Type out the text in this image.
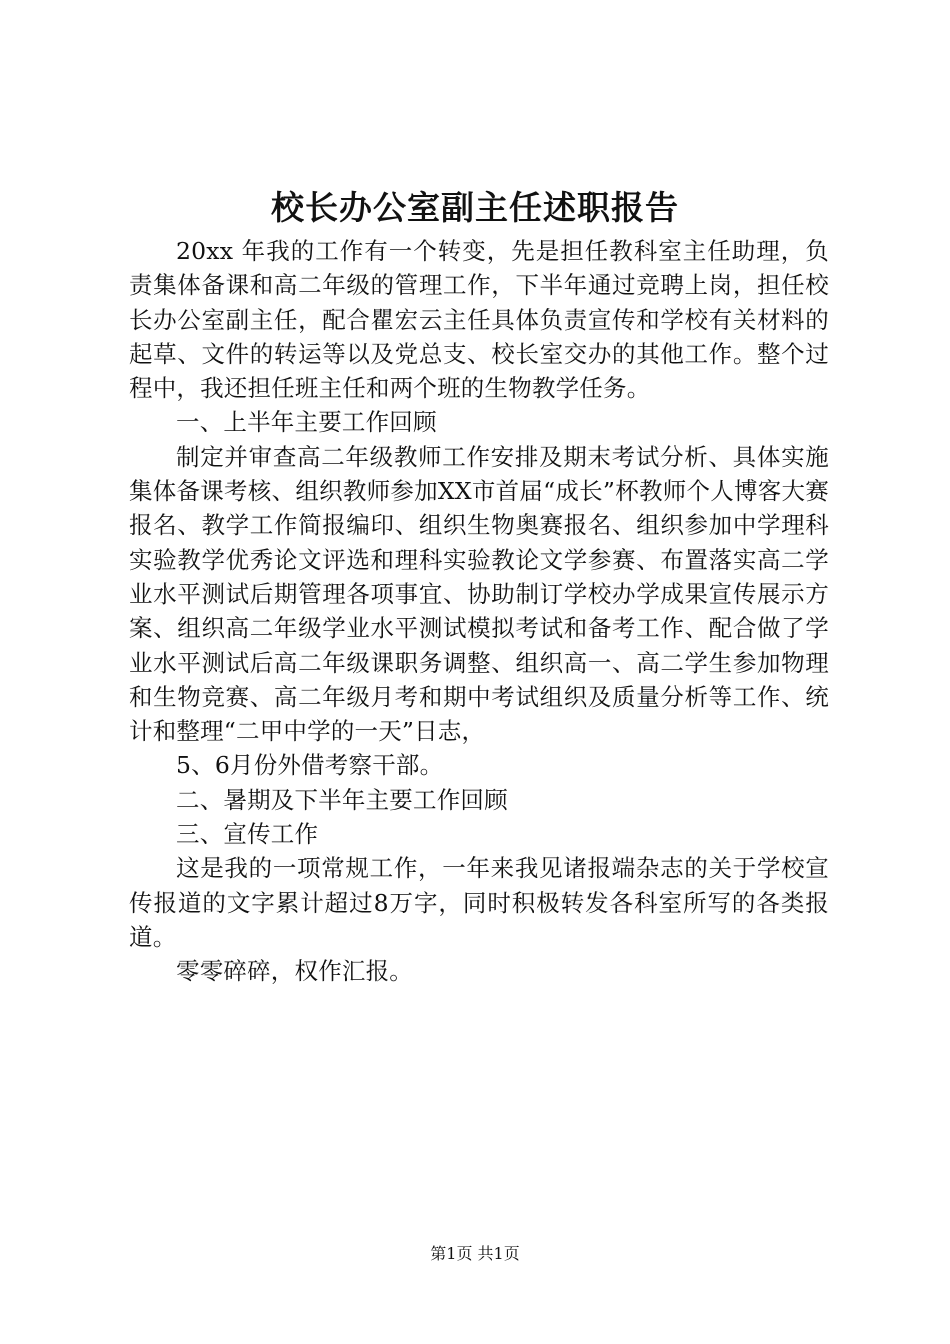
校长办公室副主任述职报告

20xx 年我的工作有一个转变，先是担任教科室主任助理，负责集体备课和高二年级的管理工作，下半年通过竞聘上岗，担任校长办公室副主任，配合瞿宏云主任具体负责宣传和学校有关材料的起草、文件的转运等以及党总支、校长室交办的其他工作。整个过程中，我还担任班主任和两个班的生物教学任务。

一、上半年主要工作回顾

制定并审查高二年级教师工作安排及期末考试分析、具体实施集体备课考核、组织教师参加XX市首届“成长”杯教师个人博客大赛报名、教学工作简报编印、组织生物奥赛报名、组织参加中学理科实验教学优秀论文评选和理科实验教论文学参赛、布置落实高二学业水平测试后期管理各项事宜、协助制订学校办学成果宣传展示方案、组织高二年级学业水平测试模拟考试和备考工作、配合做了学业水平测试后高二年级课职务调整、组织高一、高二学生参加物理和生物竞赛、高二年级月考和期中考试组织及质量分析等工作、统计和整理“二甲中学的一天”日志，

5、6月份外借考察干部。

二、暑期及下半年主要工作回顾

三、宣传工作

这是我的一项常规工作，一年来我见诸报端杂志的关于学校宣传报道的文字累计超过8万字，同时积极转发各科室所写的各类报道。

零零碎碎，权作汇报。

第1页 共1页
